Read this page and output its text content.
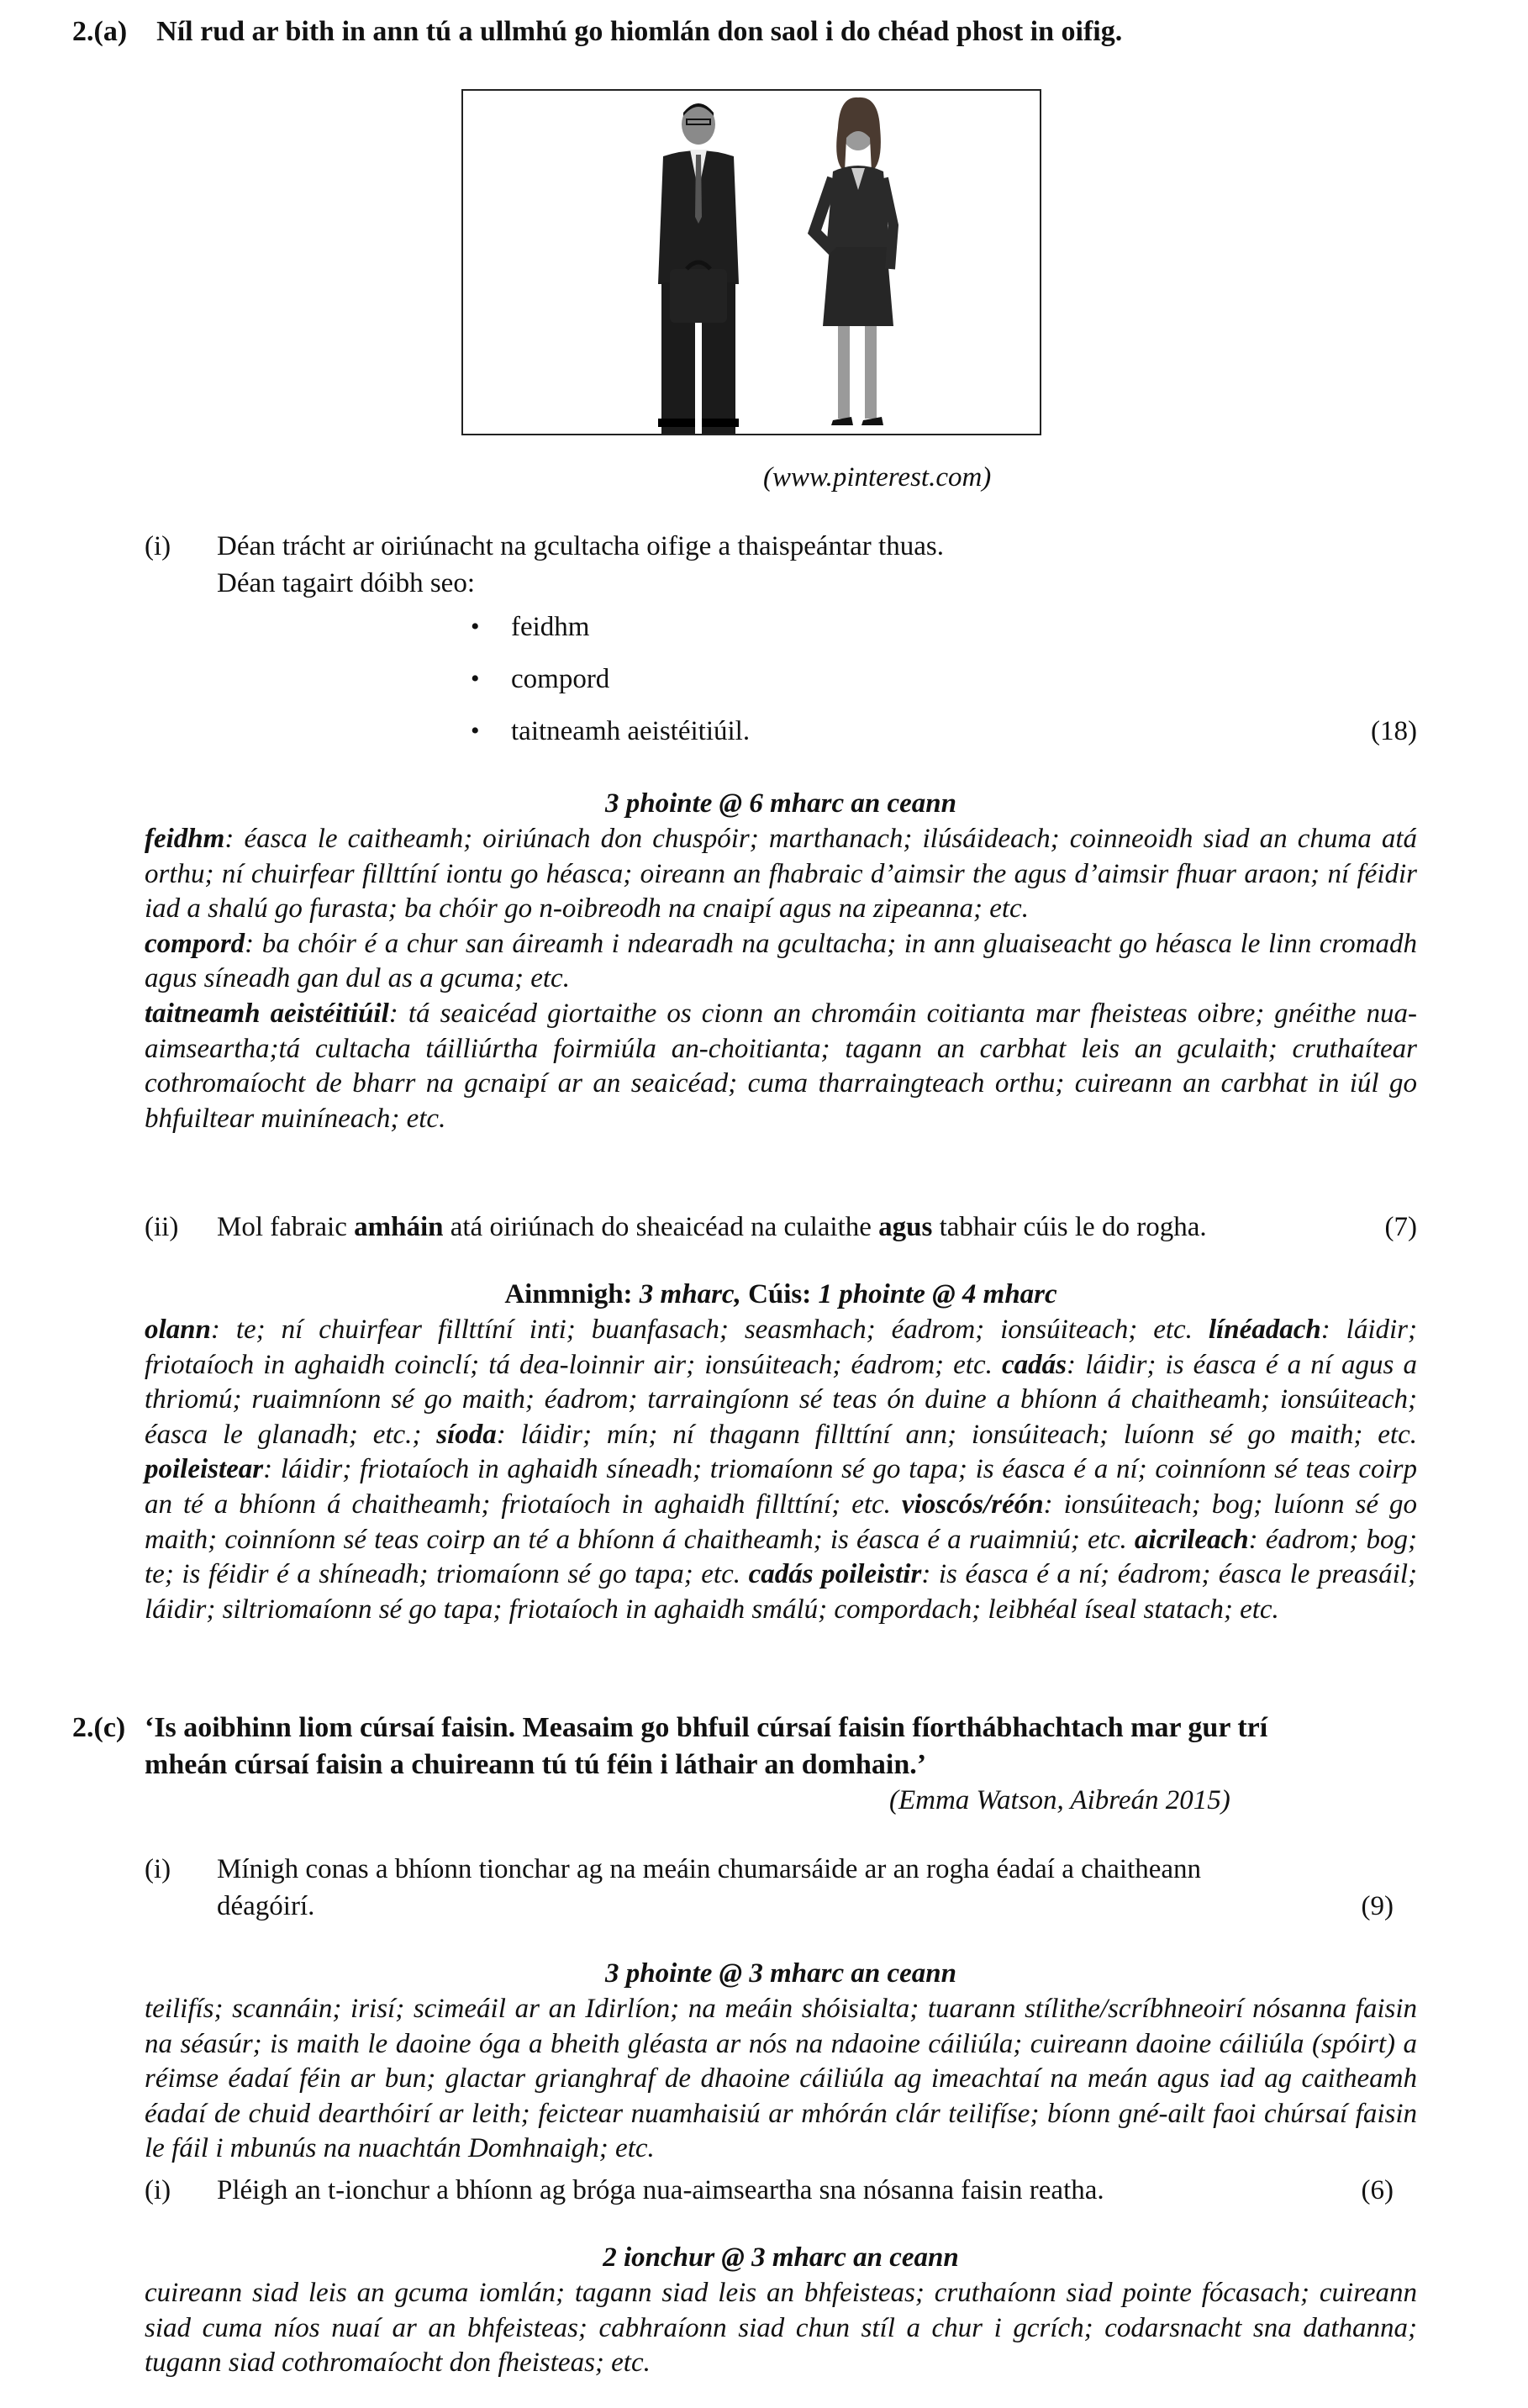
2.(a) Níl rud ar bith in ann tú a ullmhú go hiomlán don saol i do chéad phost in oifig.
(www.pinterest.com)
(i) Déan trácht ar oiriúnacht na gcultacha oifige a thaispeántar thuas.
Déan tagairt dóibh seo:
• feidhm
• compord
• taitneamh aeistéitiúil.	(18)
3 phointe @ 6 mharc an ceann
feidhm: éasca le caitheamh; oiriúnach don chuspóir; marthanach; ilúsáideach; coinneoidh siad an chuma atá orthu; ní chuirfear fillttíní iontu go héasca; oireann an fhabraic d’aimsir the agus d’aimsir fhuar araon; ní féidir iad a shalú go furasta; ba chóir go n-oibreodh na cnaipí agus na zipeanna; etc.
compord: ba chóir é a chur san áireamh i ndearadh na gcultacha; in ann gluaiseacht go héasca le linn cromadh agus síneadh gan dul as a gcuma; etc.
taitneamh aeistéitiúil: tá seaicéad giortaithe os cionn an chromáin coitianta mar fheisteas oibre; gnéithe nua-aimseartha;tá cultacha táilliúrtha foirmiúla an-choitianta; tagann an carbhat leis an gculaith; cruthaítear cothromaíocht de bharr na gcnaipí ar an seaicéad; cuma tharraingteach orthu; cuireann an carbhat in iúl go bhfuiltear muiníneach; etc.
(ii) Mol fabraic amháin atá oiriúnach do sheaicéad na culaithe agus tabhair cúis le do rogha.	(7)
Ainmnigh: 3 mharc, Cúis: 1 phointe @ 4 mharc
olann: te; ní chuirfear fillttíní inti; buanfasach; seasmhach; éadrom; ionsúiteach; etc. línéadach: láidir; friotaíoch in aghaidh coinclí; tá dea-loinnir air; ionsúiteach; éadrom; etc. cadás: láidir; is éasca é a ní agus a thriomú; ruaimníonn sé go maith; éadrom; tarraingíonn sé teas ón duine a bhíonn á chaitheamh; ionsúiteach; éasca le glanadh; etc.; síoda: láidir; mín; ní thagann fillttíní ann; ionsúiteach; luíonn sé go maith; etc. poileistear: láidir; friotaíoch in aghaidh síneadh; triomaíonn sé go tapa; is éasca é a ní; coinníonn sé teas coirp an té a bhíonn á chaitheamh; friotaíoch in aghaidh fillttíní; etc. vioscós/réón: ionsúiteach; bog; luíonn sé go maith; coinníonn sé teas coirp an té a bhíonn á chaitheamh; is éasca é a ruaimniú; etc. aicrileach: éadrom; bog; te; is féidir é a shíneadh; triomaíonn sé go tapa; etc. cadás poileistir: is éasca é a ní; éadrom; éasca le preasáil; láidir; siltriomaíonn sé go tapa; friotaíoch in aghaidh smálú; compordach; leibhéal íseal statach; etc.
2.(c) ‘Is aoibhinn liom cúrsaí faisin. Measaim go bhfuil cúrsaí faisin fíorthábhachtach mar gur trí
mheán cúrsaí faisin a chuireann tú tú féin i láthair an domhain.’
(Emma Watson, Aibreán 2015)
(i) Mínigh conas a bhíonn tionchar ag na meáin chumarsáide ar an rogha éadaí a chaitheann
déagóirí.	(9)
3 phointe @ 3 mharc an ceann
teilifís; scannáin; irisí; scimeáil ar an Idirlíon; na meáin shóisialta; tuarann stílithe/scríbhneoirí nósanna faisin na séasúr; is maith le daoine óga a bheith gléasta ar nós na ndaoine cáiliúla; cuireann daoine cáiliúla (spóirt) a réimse éadaí féin ar bun; glactar grianghraf de dhaoine cáiliúla ag imeachtaí na meán agus iad ag caitheamh éadaí de chuid dearthóirí ar leith; feictear nuamhaisiú ar mhórán clár teilifíse; bíonn gné-ailt faoi chúrsaí faisin le fáil i mbunús na nuachtán Domhnaigh; etc.
(i) Pléigh an t-ionchur a bhíonn ag bróga nua-aimseartha sna nósanna faisin reatha.	(6)
2 ionchur @ 3 mharc an ceann
cuireann siad leis an gcuma iomlán; tagann siad leis an bhfeisteas; cruthaíonn siad pointe fócasach; cuireann siad cuma níos nuaí ar an bhfeisteas; cabhraíonn siad chun stíl a chur i gcrích; codarsnacht sna dathanna; tugann siad cothromaíocht don fheisteas; etc.
